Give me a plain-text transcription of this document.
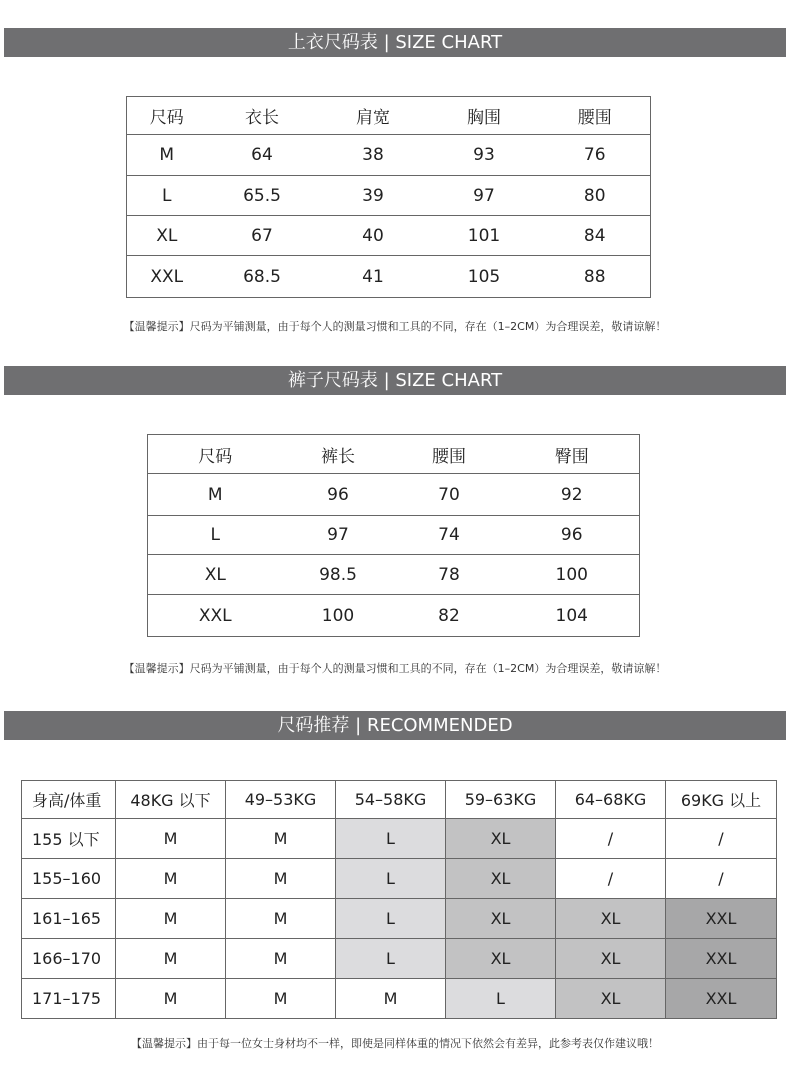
上衣尺码表 | SIZE CHART
尺码	衣长	肩宽	胸围	腰围
M	64	38	93	76
L	65.5	39	97	80
XL	67	40	101	84
XXL	68.5	41	105	88
【温馨提示】尺码为平铺测量，由于每个人的测量习惯和工具的不同，存在（1–2CM）为合理误差，敬请谅解！
裤子尺码表 | SIZE CHART
尺码	裤长	腰围	臀围
M	96	70	92
L	97	74	96
XL	98.5	78	100
XXL	100	82	104
【温馨提示】尺码为平铺测量，由于每个人的测量习惯和工具的不同，存在（1–2CM）为合理误差，敬请谅解！
尺码推荐 | RECOMMENDED
身高/体重	48KG 以下	49–53KG	54–58KG	59–63KG	64–68KG	69KG 以上
155 以下	M	M	L	XL	/	/
155–160	M	M	L	XL	/	/
161–165	M	M	L	XL	XL	XXL
166–170	M	M	L	XL	XL	XXL
171–175	M	M	M	L	XL	XXL
【温馨提示】由于每一位女士身材均不一样，即使是同样体重的情况下依然会有差异，此参考表仅作建议哦！
